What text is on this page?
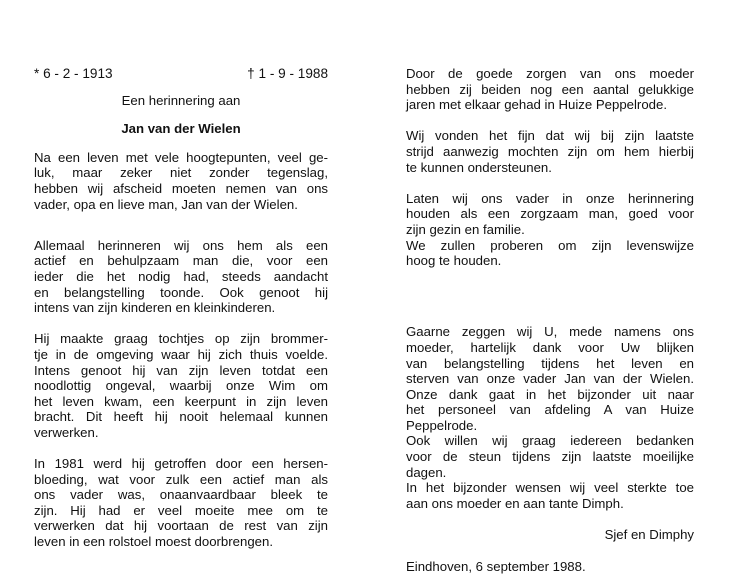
* 6 - 2 - 1913	† 1 - 9 - 1988
Een herinnering aan
Jan van der Wielen
Na een leven met vele hoogtepunten, veel ge-
luk, maar zeker niet zonder tegenslag,
hebben wij afscheid moeten nemen van ons
vader, opa en lieve man, Jan van der Wielen.
Allemaal herinneren wij ons hem als een
actief en behulpzaam man die, voor een
ieder die het nodig had, steeds aandacht
en belangstelling toonde. Ook genoot hij
intens van zijn kinderen en kleinkinderen.
Hij maakte graag tochtjes op zijn brommer-
tje in de omgeving waar hij zich thuis voelde.
Intens genoot hij van zijn leven totdat een
noodlottig ongeval, waarbij onze Wim om
het leven kwam, een keerpunt in zijn leven
bracht. Dit heeft hij nooit helemaal kunnen
verwerken.
In 1981 werd hij getroffen door een hersen-
bloeding, wat voor zulk een actief man als
ons vader was, onaanvaardbaar bleek te
zijn. Hij had er veel moeite mee om te
verwerken dat hij voortaan de rest van zijn
leven in een rolstoel moest doorbrengen.
Door de goede zorgen van ons moeder
hebben zij beiden nog een aantal gelukkige
jaren met elkaar gehad in Huize Peppelrode.
Wij vonden het fijn dat wij bij zijn laatste
strijd aanwezig mochten zijn om hem hierbij
te kunnen ondersteunen.
Laten wij ons vader in onze herinnering
houden als een zorgzaam man, goed voor
zijn gezin en familie.
We zullen proberen om zijn levenswijze
hoog te houden.
Gaarne zeggen wij U, mede namens ons
moeder, hartelijk dank voor Uw blijken
van belangstelling tijdens het leven en
sterven van onze vader Jan van der Wielen.
Onze dank gaat in het bijzonder uit naar
het personeel van afdeling A van Huize
Peppelrode.
Ook willen wij graag iedereen bedanken
voor de steun tijdens zijn laatste moeilijke
dagen.
In het bijzonder wensen wij veel sterkte toe
aan ons moeder en aan tante Dimph.
Sjef en Dimphy
Eindhoven, 6 september 1988.
